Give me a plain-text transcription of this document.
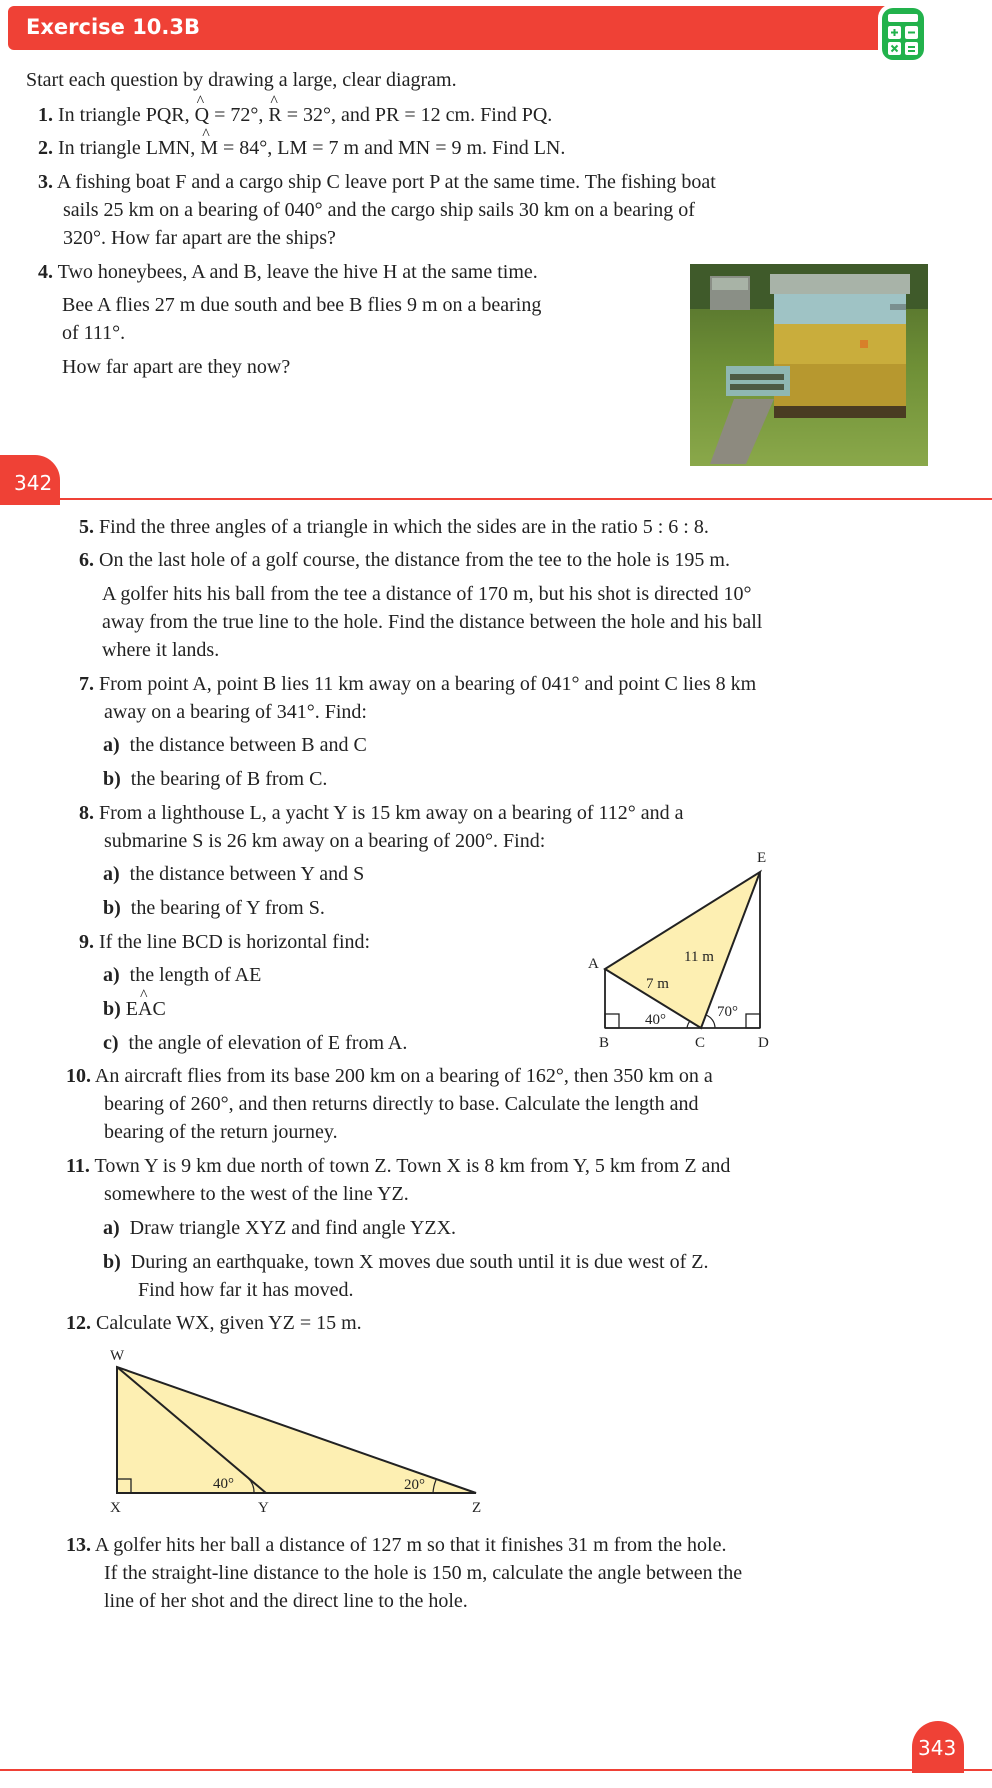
Exercise 10.3B
Start each question by drawing a large, clear diagram.
1. In triangle PQR, ^ Q = 72°, ^ R = 32°, and PR = 12 cm. Find PQ.
2. In triangle LMN, ^ M = 84°, LM = 7 m and MN = 9 m. Find LN.
3. A fishing boat F and a cargo ship C leave port P at the same time. The fishing boat
sails 25 km on a bearing of 040° and the cargo ship sails 30 km on a bearing of
320°. How far apart are the ships?
4. Two honeybees, A and B, leave the hive H at the same time.
Bee A flies 27 m due south and bee B flies 9 m on a bearing
of 111°.
How far apart are they now?
342
5. Find the three angles of a triangle in which the sides are in the ratio 5 : 6 : 8.
6. On the last hole of a golf course, the distance from the tee to the hole is 195 m.
A golfer hits his ball from the tee a distance of 170 m, but his shot is directed 10°
away from the true line to the hole. Find the distance between the hole and his ball
where it lands.
7. From point A, point B lies 11 km away on a bearing of 041° and point C lies 8 km
away on a bearing of 341°. Find:
a) the distance between B and C
b) the bearing of B from C.
8. From a lighthouse L, a yacht Y is 15 km away on a bearing of 112° and a
submarine S is 26 km away on a bearing of 200°. Find:
a) the distance between Y and S
b) the bearing of Y from S.
9. If the line BCD is horizontal find:
a) the length of AE
b) E^ AC
c) the angle of elevation of E from A.
A
B	C	D
E
7 m
11 m
40°	70°
10. An aircraft flies from its base 200 km on a bearing of 162°, then 350 km on a
bearing of 260°, and then returns directly to base. Calculate the length and
bearing of the return journey.
11. Town Y is 9 km due north of town Z. Town X is 8 km from Y, 5 km from Z and
somewhere to the west of the line YZ.
a) Draw triangle XYZ and find angle YZX.
b) During an earthquake, town X moves due south until it is due west of Z.
Find how far it has moved.
12. Calculate WX, given YZ = 15 m.
W
X	Y	Z
40°	20°
13. A golfer hits her ball a distance of 127 m so that it finishes 31 m from the hole.
If the straight-line distance to the hole is 150 m, calculate the angle between the
line of her shot and the direct line to the hole.
343
